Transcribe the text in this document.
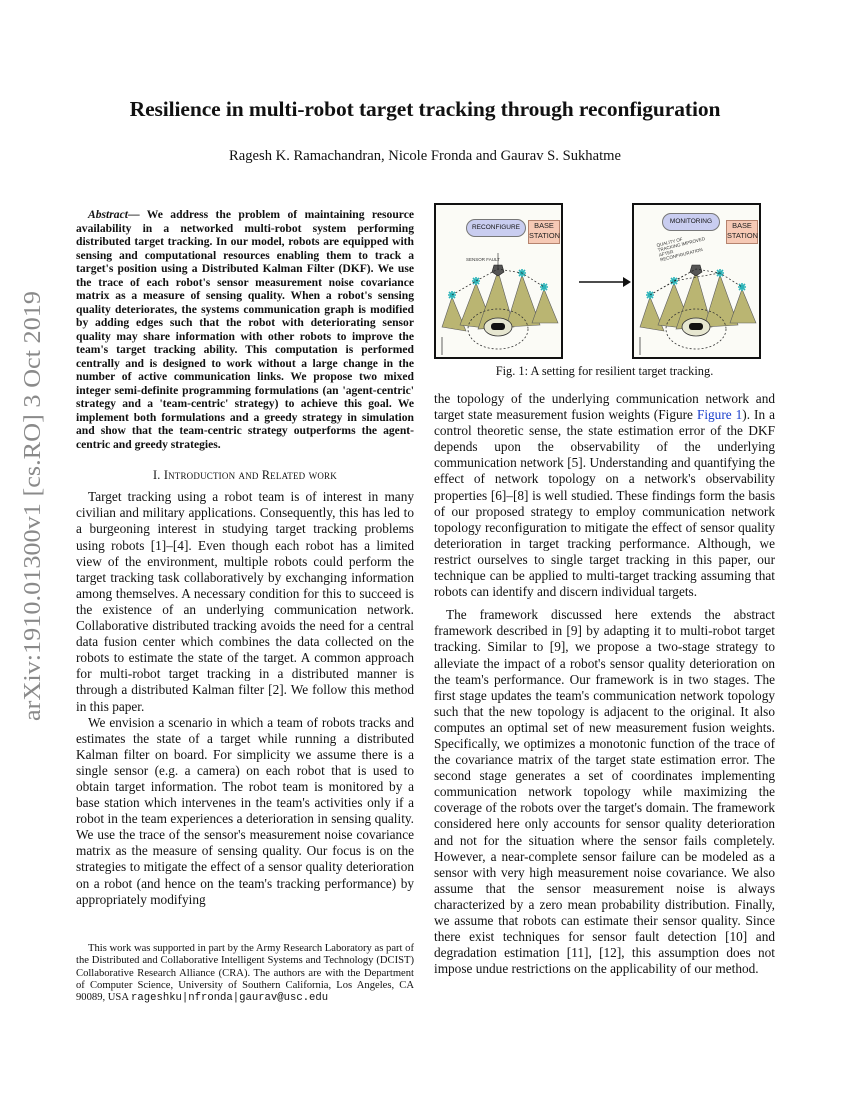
arXiv:1910.01300v1 [cs.RO] 3 Oct 2019
Resilience in multi-robot target tracking through reconfiguration
Ragesh K. Ramachandran, Nicole Fronda and Gaurav S. Sukhatme

Abstract— We address the problem of maintaining resource availability in a networked multi-robot system performing distributed target tracking. In our model, robots are equipped with sensing and computational resources enabling them to track a target's position using a Distributed Kalman Filter (DKF). We use the trace of each robot's sensor measurement noise covariance matrix as a measure of sensing quality. When a robot's sensing quality deteriorates, the systems communication graph is modified by adding edges such that the robot with deteriorating sensor quality may share information with other robots to improve the team's target tracking ability. This computation is performed centrally and is designed to work without a large change in the number of active communication links. We propose two mixed integer semi-definite programming formulations (an 'agent-centric' strategy and a 'team-centric' strategy) to achieve this goal. We implement both formulations and a greedy strategy in simulation and show that the team-centric strategy outperforms the agent-centric and greedy strategies.

I. Introduction and Related work

Target tracking using a robot team is of interest in many civilian and military applications. Consequently, this has led to a burgeoning interest in studying target tracking problems using robots [1]–[4]. Even though each robot has a limited view of the environment, multiple robots could perform the target tracking task collaboratively by exchanging information among themselves. A necessary condition for this to succeed is the existence of an underlying communication network. Collaborative distributed tracking avoids the need for a central data fusion center which combines the data collected on the robots to estimate the state of the target. A common approach for multi-robot target tracking in a distributed manner is through a distributed Kalman filter [2]. We follow this method in this paper.

We envision a scenario in which a team of robots tracks and estimates the state of a target while running a distributed Kalman filter on board. For simplicity we assume there is a single sensor (e.g. a camera) on each robot that is used to obtain target information. The robot team is monitored by a base station which intervenes in the team's activities only if a robot in the team experiences a deterioration in sensing quality. We use the trace of the sensor's measurement noise covariance matrix as the measure of sensing quality. Our focus is on the strategies to mitigate the effect of a sensor quality deterioration on a robot (and hence on the team's tracking performance) by appropriately modifying

This work was supported in part by the Army Research Laboratory as part of the Distributed and Collaborative Intelligent Systems and Technology (DCIST) Collaborative Research Alliance (CRA). The authors are with the Department of Computer Science, University of Southern California, Los Angeles, CA 90089, USA rageshku|nfronda|gaurav@usc.edu

RECONFIGURE	BASE STATION
SENSOR FAULT
MONITORING	BASE STATION
QUALITY OF TRACKING IMPROVED AFTER RECONFIGURATION
Fig. 1: A setting for resilient target tracking.

the topology of the underlying communication network and target state measurement fusion weights (Figure Figure 1). In a control theoretic sense, the state estimation error of the DKF depends upon the observability of the underlying communication network [5]. Understanding and quantifying the effect of network topology on a network's observability properties [6]–[8] is well studied. These findings form the basis of our proposed strategy to employ communication network topology reconfiguration to mitigate the effect of sensor quality deterioration in target tracking performance. Although, we restrict ourselves to single target tracking in this paper, our technique can be applied to multi-target tracking assuming that robots can identify and discern individual targets.

The framework discussed here extends the abstract framework described in [9] by adapting it to multi-robot target tracking. Similar to [9], we propose a two-stage strategy to alleviate the impact of a robot's sensor quality deterioration on the team's performance. Our framework is in two stages. The first stage updates the team's communication network topology such that the new topology is adjacent to the original. It also computes an optimal set of new measurement fusion weights. Specifically, we optimizes a monotonic function of the trace of the covariance matrix of the target state estimation error. The second stage generates a set of coordinates implementing communication network topology while maximizing the coverage of the robots over the target's domain. The framework considered here only accounts for sensor quality deterioration and not for the situation where the sensor fails completely. However, a near-complete sensor failure can be modeled as a sensor with very high measurement noise covariance. We also assume that the sensor measurement noise is always characterized by a zero mean probability distribution. Finally, we assume that robots can estimate their sensor quality. Since there exist techniques for sensor fault detection [10] and degradation estimation [11], [12], this assumption does not impose undue restrictions on the applicability of our method.
